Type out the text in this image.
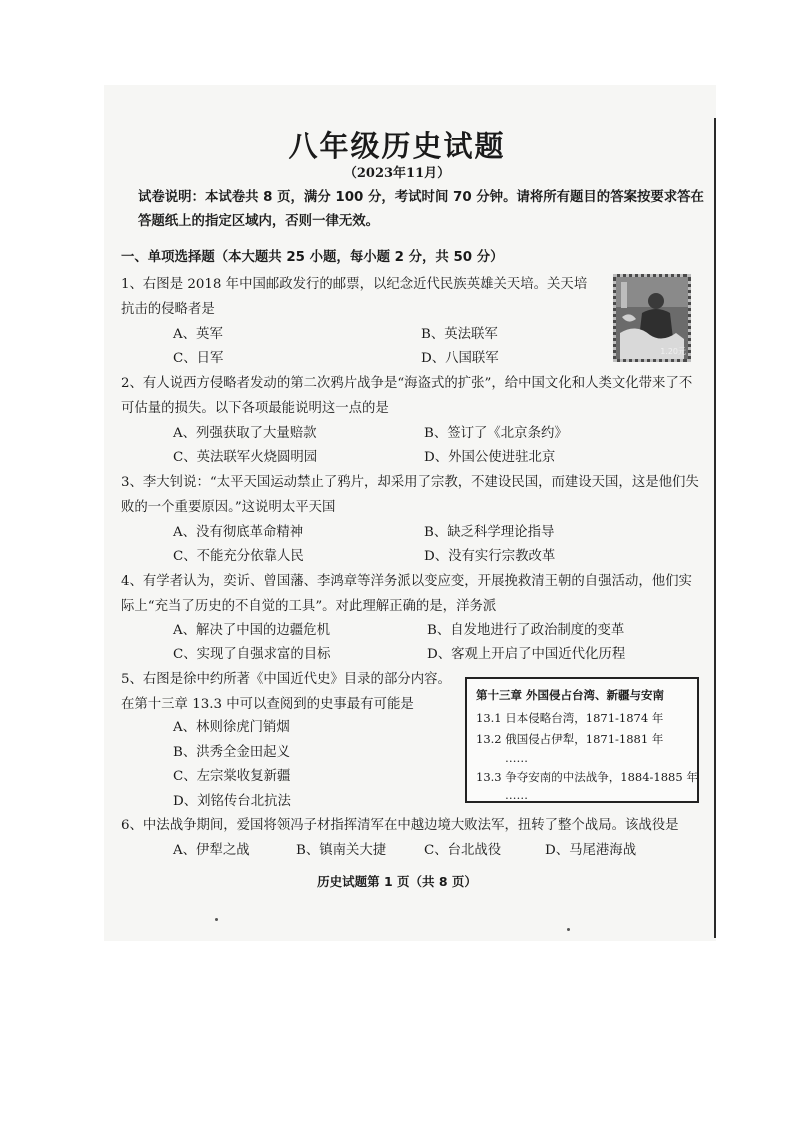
八年级历史试题
（2023年11月）
试卷说明：本试卷共 8 页，满分 100 分，考试时间 70 分钟。请将所有题目的答案按要求答在
答题纸上的指定区域内，否则一律无效。
一、单项选择题（本大题共 25 小题，每小题 2 分，共 50 分）
1、右图是 2018 年中国邮政发行的邮票，以纪念近代民族英雄关天培。关天培
抗击的侵略者是
A、英军	B、英法联军
C、日军	D、八国联军	1.20元
2、有人说西方侵略者发动的第二次鸦片战争是“海盗式的扩张”，给中国文化和人类文化带来了不
可估量的损失。以下各项最能说明这一点的是
A、列强获取了大量赔款	B、签订了《北京条约》
C、英法联军火烧圆明园	D、外国公使进驻北京
3、李大钊说：“太平天国运动禁止了鸦片，却采用了宗教，不建设民国，而建设天国，这是他们失
败的一个重要原因。”这说明太平天国
A、没有彻底革命精神	B、缺乏科学理论指导
C、不能充分依靠人民	D、没有实行宗教改革
4、有学者认为，奕䜣、曾国藩、李鸿章等洋务派以变应变，开展挽救清王朝的自强活动，他们实
际上“充当了历史的不自觉的工具”。对此理解正确的是，洋务派
A、解决了中国的边疆危机	B、自发地进行了政治制度的变革
C、实现了自强求富的目标	D、客观上开启了中国近代化历程
5、右图是徐中约所著《中国近代史》目录的部分内容。
在第十三章 13.3 中可以查阅到的史事最有可能是
A、林则徐虎门销烟
B、洪秀全金田起义
C、左宗棠收复新疆
D、刘铭传台北抗法
第十三章 外国侵占台湾、新疆与安南
13.1 日本侵略台湾，1871-1874 年
13.2 俄国侵占伊犁，1871-1881 年
……
13.3 争夺安南的中法战争，1884-1885 年
……
6、中法战争期间，爱国将领冯子材指挥清军在中越边境大败法军，扭转了整个战局。该战役是
A、伊犁之战	B、镇南关大捷	C、台北战役	D、马尾港海战
历史试题第 1 页（共 8 页）
